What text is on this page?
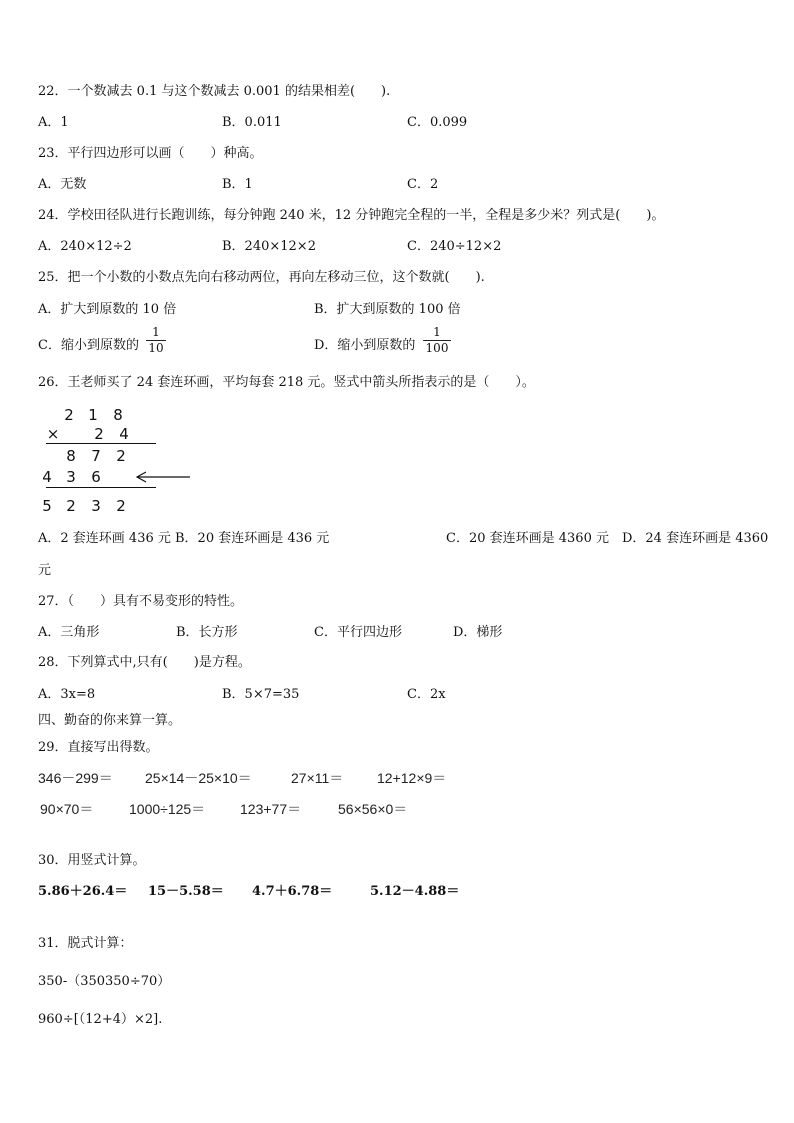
22．一个数减去 0.1 与这个数减去 0.001 的结果相差(　　).
A．1	B．0.011	C．0.099
23．平行四边形可以画（　　）种高。
A．无数	B．1	C．2
24．学校田径队进行长跑训练，每分钟跑 240 米，12 分钟跑完全程的一半，全程是多少米？列式是(　　)。
A．240×12÷2	B．240×12×2	C．240÷12×2
25．把一个小数的小数点先向右移动两位，再向左移动三位，这个数就(　　).
A．扩大到原数的 10 倍	B．扩大到原数的 100 倍
C．缩小到原数的
1
10	D．缩小到原数的
1
100
26．王老师买了 24 套连环画，平均每套 218 元。竖式中箭头所指表示的是（　　）。
2 1 8
× 2 4
8 7 2
4 3 6
5 2 3 2
A．2 套连环画 436 元 B．20 套连环画是 436 元	C．20 套连环画是 4360 元　D．24 套连环画是 4360
元
27．（　　）具有不易变形的特性。
A．三角形	B．长方形	C．平行四边形	D．梯形
28．下列算式中,只有(　　)是方程。
A．3x=8	B．5×7=35	C．2x
四、勤奋的你来算一算。
29．直接写出得数。
346－299＝ 25×14－25×10＝	27×11＝ 12+12×9＝
90×70＝	1000÷125＝ 123+77＝	56×56×0＝
30．用竖式计算。
5.86＋26.4＝ 15－5.58＝ 4.7＋6.78＝	5.12－4.88＝
31．脱式计算：
350-（350350÷70）
960÷[（12+4）×2].
